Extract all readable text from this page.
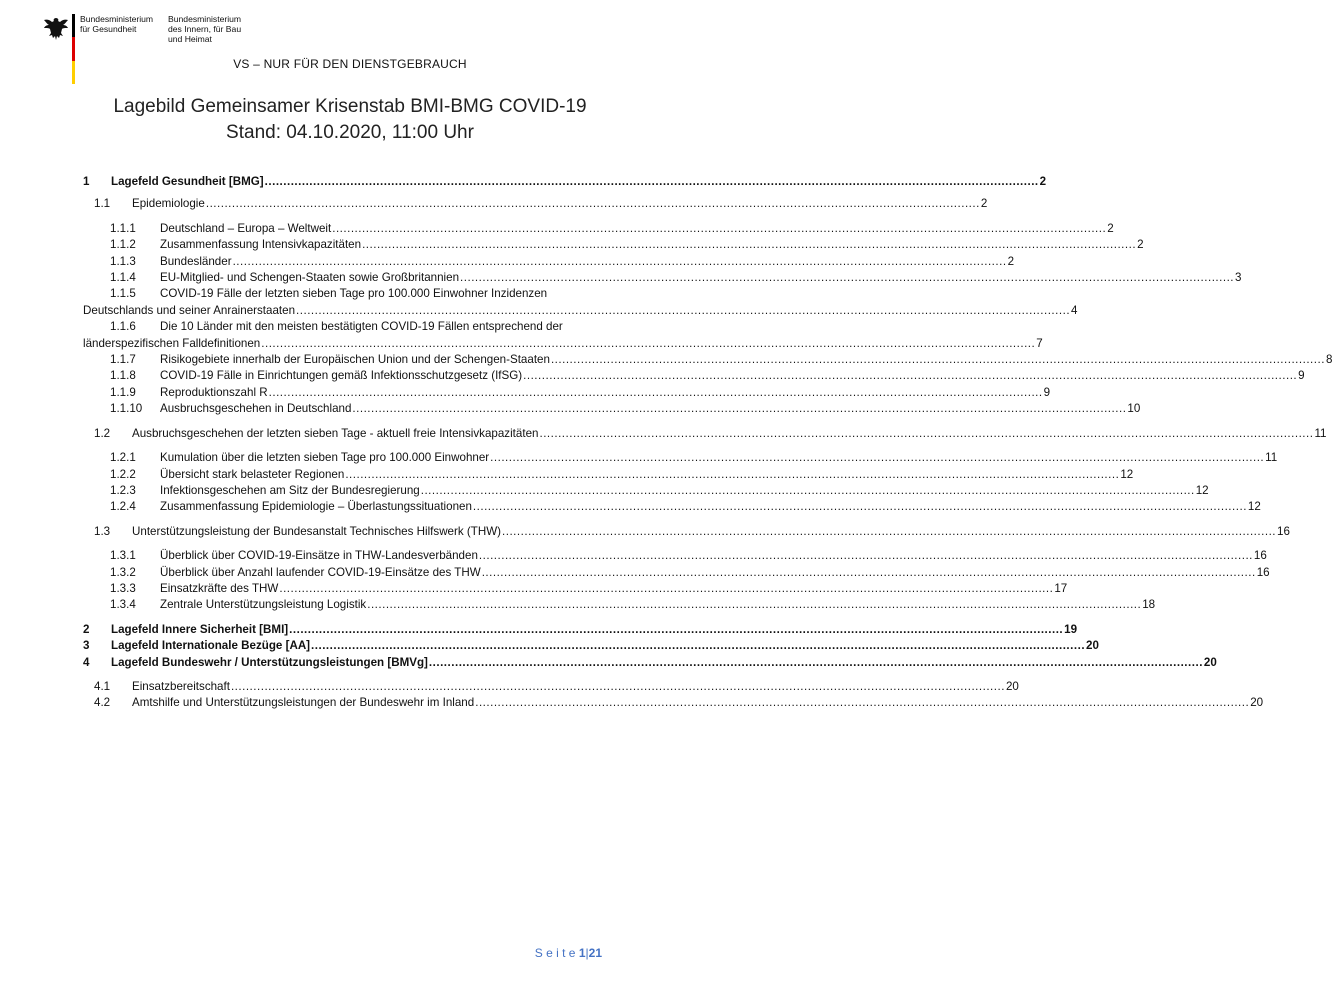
Bundesministerium
für Gesundheit
Bundesministerium
des Innern, für Bau
und Heimat
VS – NUR FÜR DEN DIENSTGEBRAUCH
Lagebild Gemeinsamer Krisenstab BMI-BMG COVID-19
Stand: 04.10.2020, 11:00 Uhr
1	Lagefeld Gesundheit [BMG] .....	2
1.1	Epidemiologie .....	2
1.1.1	Deutschland – Europa – Weltweit .....	2
1.1.2	Zusammenfassung Intensivkapazitäten .....	2
1.1.3	Bundesländer .....	2
1.1.4	EU-Mitglied- und Schengen-Staaten sowie Großbritannien .....	3
1.1.5	COVID-19 Fälle der letzten sieben Tage pro 100.000 Einwohner Inzidenzen
Deutschlands und seiner Anrainerstaaten .....	4
1.1.6	Die 10 Länder mit den meisten bestätigten COVID-19 Fällen entsprechend der
länderspezifischen Falldefinitionen .....	7
1.1.7	Risikogebiete innerhalb der Europäischen Union und der Schengen-Staaten .....	8
1.1.8	COVID-19 Fälle in Einrichtungen gemäß Infektionsschutzgesetz (IfSG) .....	9
1.1.9	Reproduktionszahl R .....	9
1.1.10	Ausbruchsgeschehen in Deutschland .....	10
1.2	Ausbruchsgeschehen der letzten sieben Tage - aktuell freie Intensivkapazitäten .....	11
1.2.1	Kumulation über die letzten sieben Tage pro 100.000 Einwohner .....	11
1.2.2	Übersicht stark belasteter Regionen .....	12
1.2.3	Infektionsgeschehen am Sitz der Bundesregierung .....	12
1.2.4	Zusammenfassung Epidemiologie – Überlastungssituationen .....	12
1.3	Unterstützungsleistung der Bundesanstalt Technisches Hilfswerk (THW) .....	16
1.3.1	Überblick über COVID-19-Einsätze in THW-Landesverbänden .....	16
1.3.2	Überblick über Anzahl laufender COVID-19-Einsätze des THW .....	16
1.3.3	Einsatzkräfte des THW .....	17
1.3.4	Zentrale Unterstützungsleistung Logistik .....	18
2	Lagefeld Innere Sicherheit [BMI] .....	19
3	Lagefeld Internationale Bezüge [AA] .....	20
4	Lagefeld Bundeswehr / Unterstützungsleistungen [BMVg] .....	20
4.1	Einsatzbereitschaft .....	20
4.2	Amtshilfe und Unterstützungsleistungen der Bundeswehr im Inland .....	20
S e i t e 1|21
